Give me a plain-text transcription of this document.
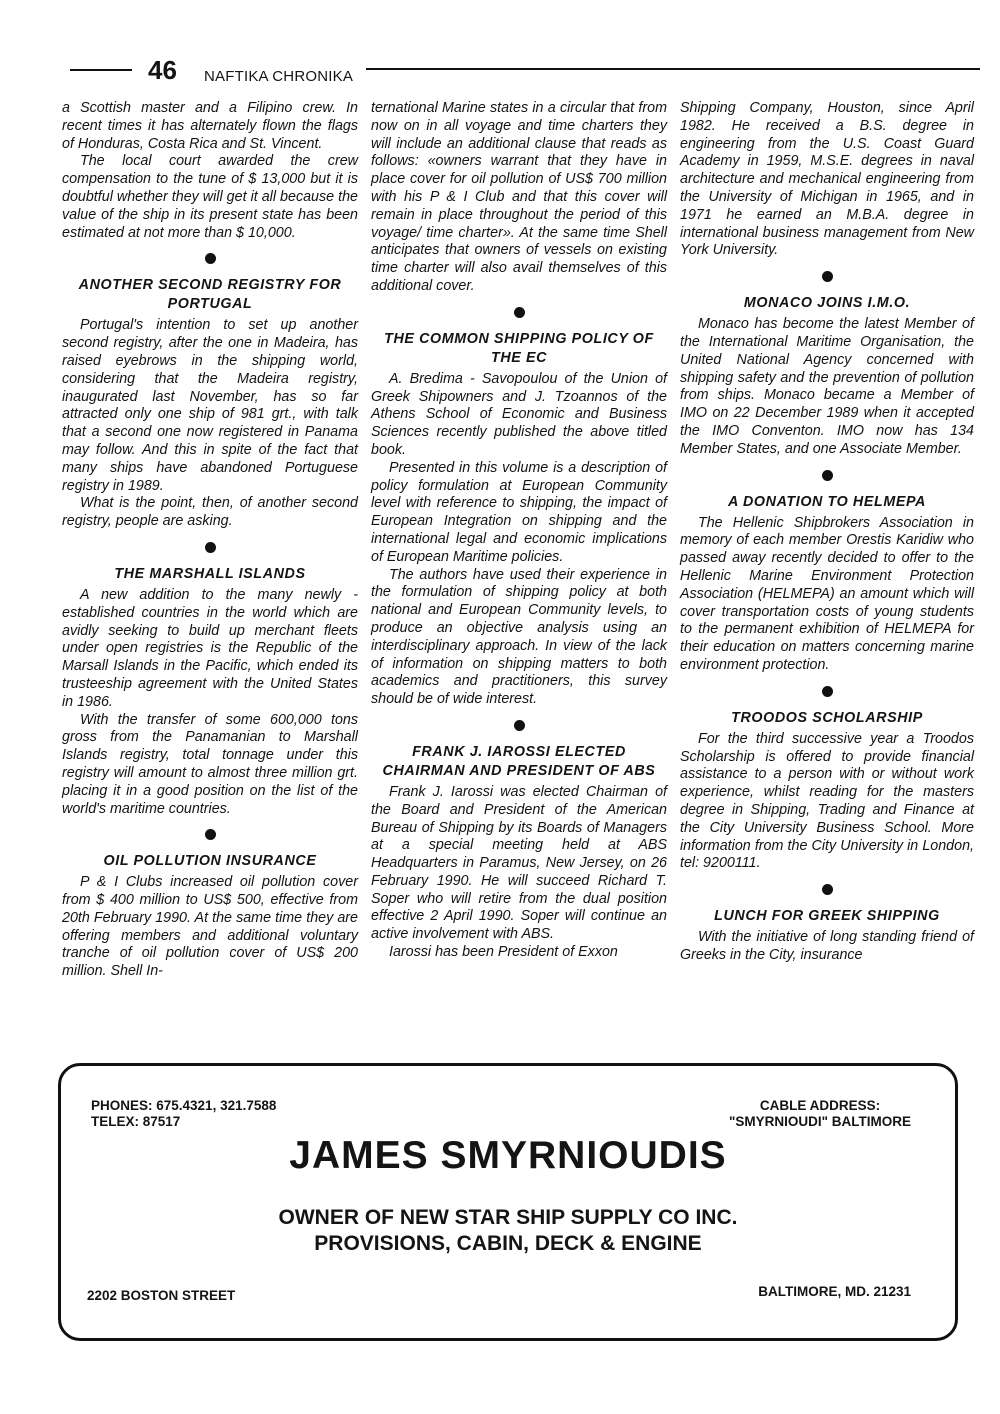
46 NAFTIKA CHRONIKA

a Scottish master and a Filipino crew. In recent times it has alternately flown the flags of Honduras, Costa Rica and St. Vincent.

The local court awarded the crew compensation to the tune of $ 13,000 but it is doubtful whether they will get it all because the value of the ship in its present state has been estimated at not more than $ 10,000.

ANOTHER SECOND REGISTRY FOR PORTUGAL

Portugal's intention to set up another second registry, after the one in Madeira, has raised eyebrows in the shipping world, considering that the Madeira registry, inaugurated last November, has so far attracted only one ship of 981 grt., with talk that a second one now registered in Panama may follow. And this in spite of the fact that many ships have abandoned Portuguese registry in 1989.

What is the point, then, of another second registry, people are asking.

THE MARSHALL ISLANDS

A new addition to the many newly - established countries in the world which are avidly seeking to build up merchant fleets under open registries is the Republic of the Marsall Islands in the Pacific, which ended its trusteeship agreement with the United States in 1986.

With the transfer of some 600,000 tons gross from the Panamanian to Marshall Islands registry, total tonnage under this registry will amount to almost three million grt. placing it in a good position on the list of the world's maritime countries.

OIL POLLUTION INSURANCE

P & I Clubs increased oil pollution cover from $ 400 million to US$ 500, effective from 20th February 1990. At the same time they are offering members and additional voluntary tranche of oil pollution cover of US$ 200 million. Shell In-

ternational Marine states in a circular that from now on in all voyage and time charters they will include an additional clause that reads as follows: «owners warrant that they have in place cover for oil pollution of US$ 700 million with his P & I Club and that this cover will remain in place throughout the period of this voyage/ time charter». At the same time Shell anticipates that owners of vessels on existing time charter will also avail themselves of this additional cover.

THE COMMON SHIPPING POLICY OF THE EC

A. Bredima - Savopoulou of the Union of Greek Shipowners and J. Tzoannos of the Athens School of Economic and Business Sciences recently published the above titled book.

Presented in this volume is a description of policy formulation at European Community level with reference to shipping, the impact of European Integration on shipping and the international legal and economic implications of European Maritime policies.

The authors have used their experience in the formulation of shipping policy at both national and European Community levels, to produce an objective analysis using an interdisciplinary approach. In view of the lack of information on shipping matters to both academics and practitioners, this survey should be of wide interest.

FRANK J. IAROSSI ELECTED CHAIRMAN AND PRESIDENT OF ABS

Frank J. Iarossi was elected Chairman of the Board and President of the American Bureau of Shipping by its Boards of Managers at a special meeting held at ABS Headquarters in Paramus, New Jersey, on 26 February 1990. He will succeed Richard T. Soper who will retire from the dual position effective 2 April 1990. Soper will continue an active involvement with ABS.

Iarossi has been President of Exxon

Shipping Company, Houston, since April 1982. He received a B.S. degree in engineering from the U.S. Coast Guard Academy in 1959, M.S.E. degrees in naval architecture and mechanical engineering from the University of Michigan in 1965, and in 1971 he earned an M.B.A. degree in international business management from New York University.

MONACO JOINS I.M.O.

Monaco has become the latest Member of the International Maritime Organisation, the United National Agency concerned with shipping safety and the prevention of pollution from ships. Monaco became a Member of IMO on 22 December 1989 when it accepted the IMO Conventon. IMO now has 134 Member States, and one Associate Member.

A DONATION TO HELMEPA

The Hellenic Shipbrokers Association in memory of each member Orestis Karidiw who passed away recently decided to offer to the Hellenic Marine Environment Protection Association (HELMEPA) an amount which will cover transportation costs of young students to the permanent exhibition of HELMEPA for their education on matters concerning marine environment protection.

TROODOS SCHOLARSHIP

For the third successive year a Troodos Scholarship is offered to provide financial assistance to a person with or without work experience, whilst reading for the masters degree in Shipping, Trading and Finance at the City University Business School. More information from the City University in London, tel: 9200111.

LUNCH FOR GREEK SHIPPING

With the initiative of long standing friend of Greeks in the City, insurance

PHONES: 675.4321, 321.7588
TELEX: 87517
CABLE ADDRESS:
"SMYRNIOUDI" BALTIMORE
JAMES SMYRNIOUDIS
OWNER OF NEW STAR SHIP SUPPLY CO INC.
PROVISIONS, CABIN, DECK & ENGINE
2202 BOSTON STREET	BALTIMORE, MD. 21231
